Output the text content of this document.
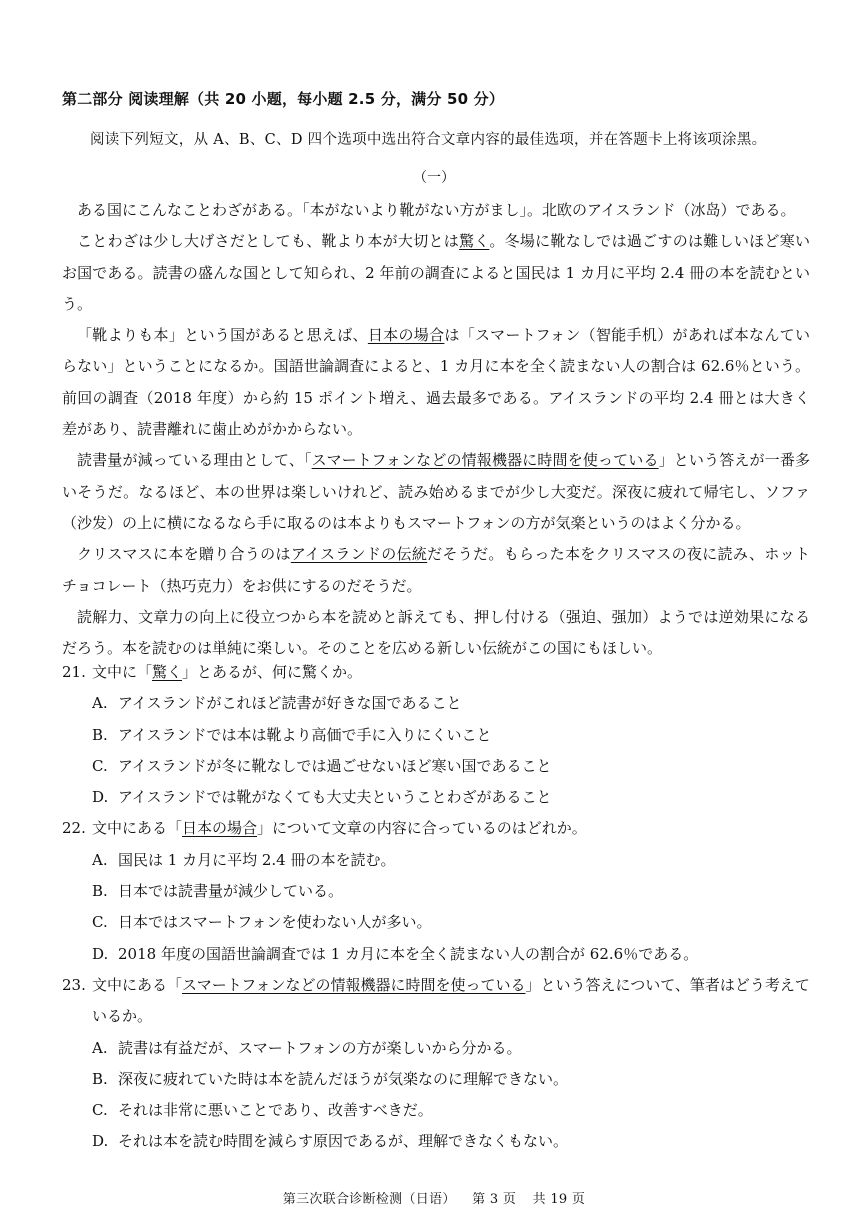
第二部分 阅读理解（共 20 小题，每小题 2.5 分，满分 50 分）
阅读下列短文，从 A、B、C、D 四个选项中选出符合文章内容的最佳选项，并在答题卡上将该项涂黑。
（一）

ある国にこんなことわざがある。「本がないより靴がない方がまし」。北欧のアイスランド（冰岛）である。

ことわざは少し大げさだとしても、靴より本が大切とは驚く。冬場に靴なしでは過ごすのは難しいほど寒いお国である。読書の盛んな国として知られ、2 年前の調査によると国民は 1 カ月に平均 2.4 冊の本を読むという。

「靴よりも本」という国があると思えば、日本の場合は「スマートフォン（智能手机）があれば本なんていらない」ということになるか。国語世論調査によると、1 カ月に本を全く読まない人の割合は 62.6％という。前回の調査（2018 年度）から約 15 ポイント増え、過去最多である。アイスランドの平均 2.4 冊とは大きく差があり、読書離れに歯止めがかからない。

読書量が減っている理由として、「スマートフォンなどの情報機器に時間を使っている」という答えが一番多いそうだ。なるほど、本の世界は楽しいけれど、読み始めるまでが少し大変だ。深夜に疲れて帰宅し、ソファ（沙发）の上に横になるなら手に取るのは本よりもスマートフォンの方が気楽というのはよく分かる。

クリスマスに本を贈り合うのはアイスランドの伝統だそうだ。もらった本をクリスマスの夜に読み、ホットチョコレート（热巧克力）をお供にするのだそうだ。

読解力、文章力の向上に役立つから本を読めと訴えても、押し付ける（强迫、强加）ようでは逆効果になるだろう。本を読むのは単純に楽しい。そのことを広める新しい伝統がこの国にもほしい。

21. 文中に「驚く」とあるが、何に驚くか。
A. アイスランドがこれほど読書が好きな国であること
B. アイスランドでは本は靴より高価で手に入りにくいこと
C. アイスランドが冬に靴なしでは過ごせないほど寒い国であること
D. アイスランドでは靴がなくても大丈夫ということわざがあること
22. 文中にある「日本の場合」について文章の内容に合っているのはどれか。
A. 国民は 1 カ月に平均 2.4 冊の本を読む。
B. 日本では読書量が減少している。
C. 日本ではスマートフォンを使わない人が多い。
D. 2018 年度の国語世論調査では 1 カ月に本を全く読まない人の割合が 62.6％である。
23. 文中にある「スマートフォンなどの情報機器に時間を使っている」という答えについて、筆者はどう考えているか。
A. 読書は有益だが、スマートフォンの方が楽しいから分かる。
B. 深夜に疲れていた時は本を読んだほうが気楽なのに理解できない。
C. それは非常に悪いことであり、改善すべきだ。
D. それは本を読む時間を減らす原因であるが、理解できなくもない。
第三次联合诊断检测（日语） 第 3 页 共 19 页
